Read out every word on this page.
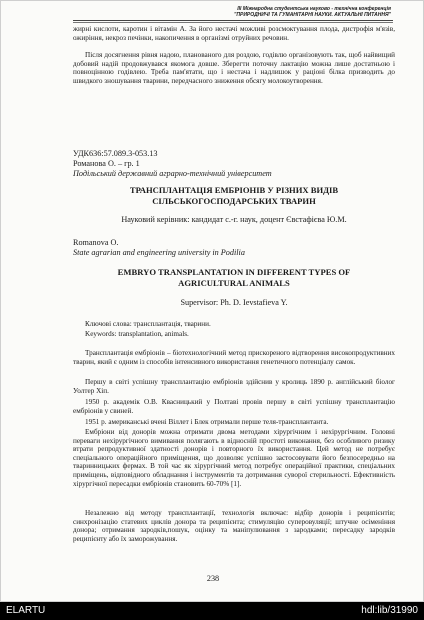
ІІІ Міжнародна студентська науково - технічна конференція
"ПРИРОДНИЧІ ТА ГУМАНІТАРНІ НАУКИ. АКТУАЛЬНІ ПИТАННЯ"
жирні кислоти, каротин і вітамін А. За його нестачі можливі розсмоктування плода, дистрофія м'язів, ожиріння, некроз печінки, накопичення в організмі отруйних речовин.
Після досягнення рівня надою, планованого для роздою, годівлю організовують так, щоб найвищий добовий надій продовжувався якомога довше. Зберегти поточну лактацію можна лише достатньою і повноцінною годівлею. Треба пам'ятати, що і нестача і надлишок у раціоні білка призводить до швидкого зношування тварини, передчасного зниження обсягу молокоутворення.
УДК636:57.089.3-053.13
Романова О. – гр. 1
Подільський державний аграрно-технічний університет
ТРАНСПЛАНТАЦІЯ ЕМБРІОНІВ У РІЗНИХ ВИДІВ
СІЛЬСЬКОГОСПОДАРСЬКИХ ТВАРИН
Науковий керівник: кандидат с.-г. наук, доцент Євстафієва Ю.М.
Romanova O.
State agrarian and engineering university in Podilia
EMBRYO TRANSPLANTATION IN DIFFERENT TYPES OF
AGRICULTURAL ANIMALS
Supervisor: Ph. D. Ievstafieva Y.
Ключові слова: трансплантація, тварини.
Keywords: transplantation, animals.
Трансплантація ембріонів – біотехнологічний метод прискореного відтворення високопродуктивних тварин, який є одним із способів інтенсивного використання генетичного потенціалу самок.
Першу в світі успішну трансплантацію ембріонів здійснив у кролиць 1890 р. англійський біолог Уолтер Хіп.
1950 р. академік О.В. Квасницький у Полтаві провів першу в світі успішну трансплантацію ембріонів у свиней.
1951 р. американські вчені Віллет і Блек отримали перше теля-трансплантанта.
Ембріони від донорів можна отримати двома методами хірургічним і нехірургічним. Головні переваги нехірургічного вимивання полягають в відносній простоті виконання, без особливого ризику втрати репродуктивної здатності донорів і повторного їх використання. Цей метод не потребує спеціального операційного приміщення, що дозволяє успішно застосовувати його безпосередньо на тваринницьких фермах. В той час як хірургічний метод потребує операційної практики, спеціальних приміщень, відповідного обладнання і інструментів та дотримання суворої стерильності. Ефективність хірургічної пересадки ембріонів становить 60-70% [1].
Незалежно від методу трансплантації, технологія включає: відбір донорів і реципієнтів; синхронізацію статевих циклів донора та реципієнта; стимуляцію суперовуляції; штучне осіменіння донора; отримання зародків,пошук, оцінку та маніпулювання з зародками; пересадку зародків реципієнту або їх заморожування.
238
ELARTU	hdl:lib/31990
